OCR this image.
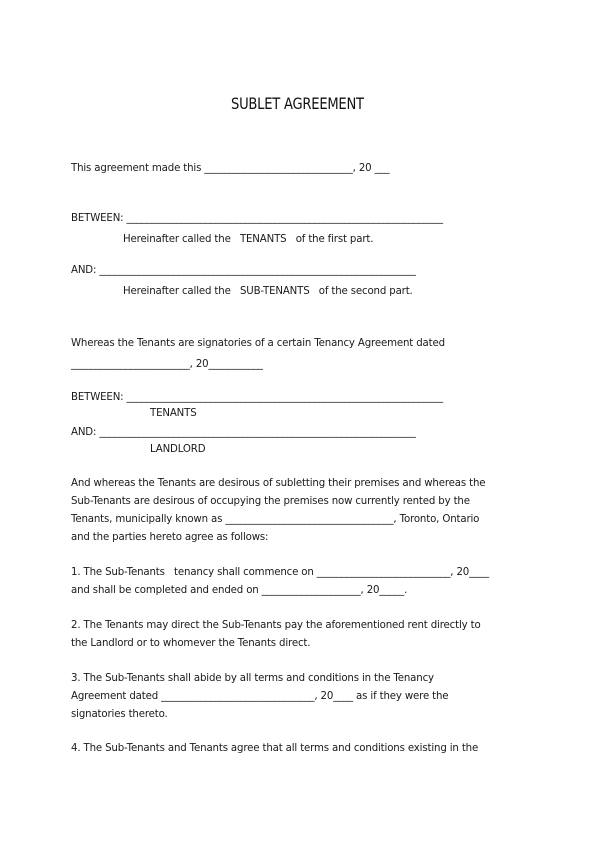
SUBLET AGREEMENT
This agreement made this ______________________________, 20 ___
BETWEEN: ________________________________________________________________
Hereinafter called the   TENANTS   of the first part.
AND: ________________________________________________________________
Hereinafter called the   SUB-TENANTS   of the second part.
Whereas the Tenants are signatories of a certain Tenancy Agreement dated
________________________, 20___________
BETWEEN: ________________________________________________________________
TENANTS
AND: ________________________________________________________________
LANDLORD
And whereas the Tenants are desirous of subletting their premises and whereas the
Sub-Tenants are desirous of occupying the premises now currently rented by the
Tenants, municipally known as __________________________________, Toronto, Ontario
and the parties hereto agree as follows:
1. The Sub-Tenants   tenancy shall commence on ___________________________, 20____
and shall be completed and ended on ____________________, 20_____.
2. The Tenants may direct the Sub-Tenants pay the aforementioned rent directly to
the Landlord or to whomever the Tenants direct.
3. The Sub-Tenants shall abide by all terms and conditions in the Tenancy
Agreement dated _______________________________, 20____ as if they were the
signatories thereto.
4. The Sub-Tenants and Tenants agree that all terms and conditions existing in the
